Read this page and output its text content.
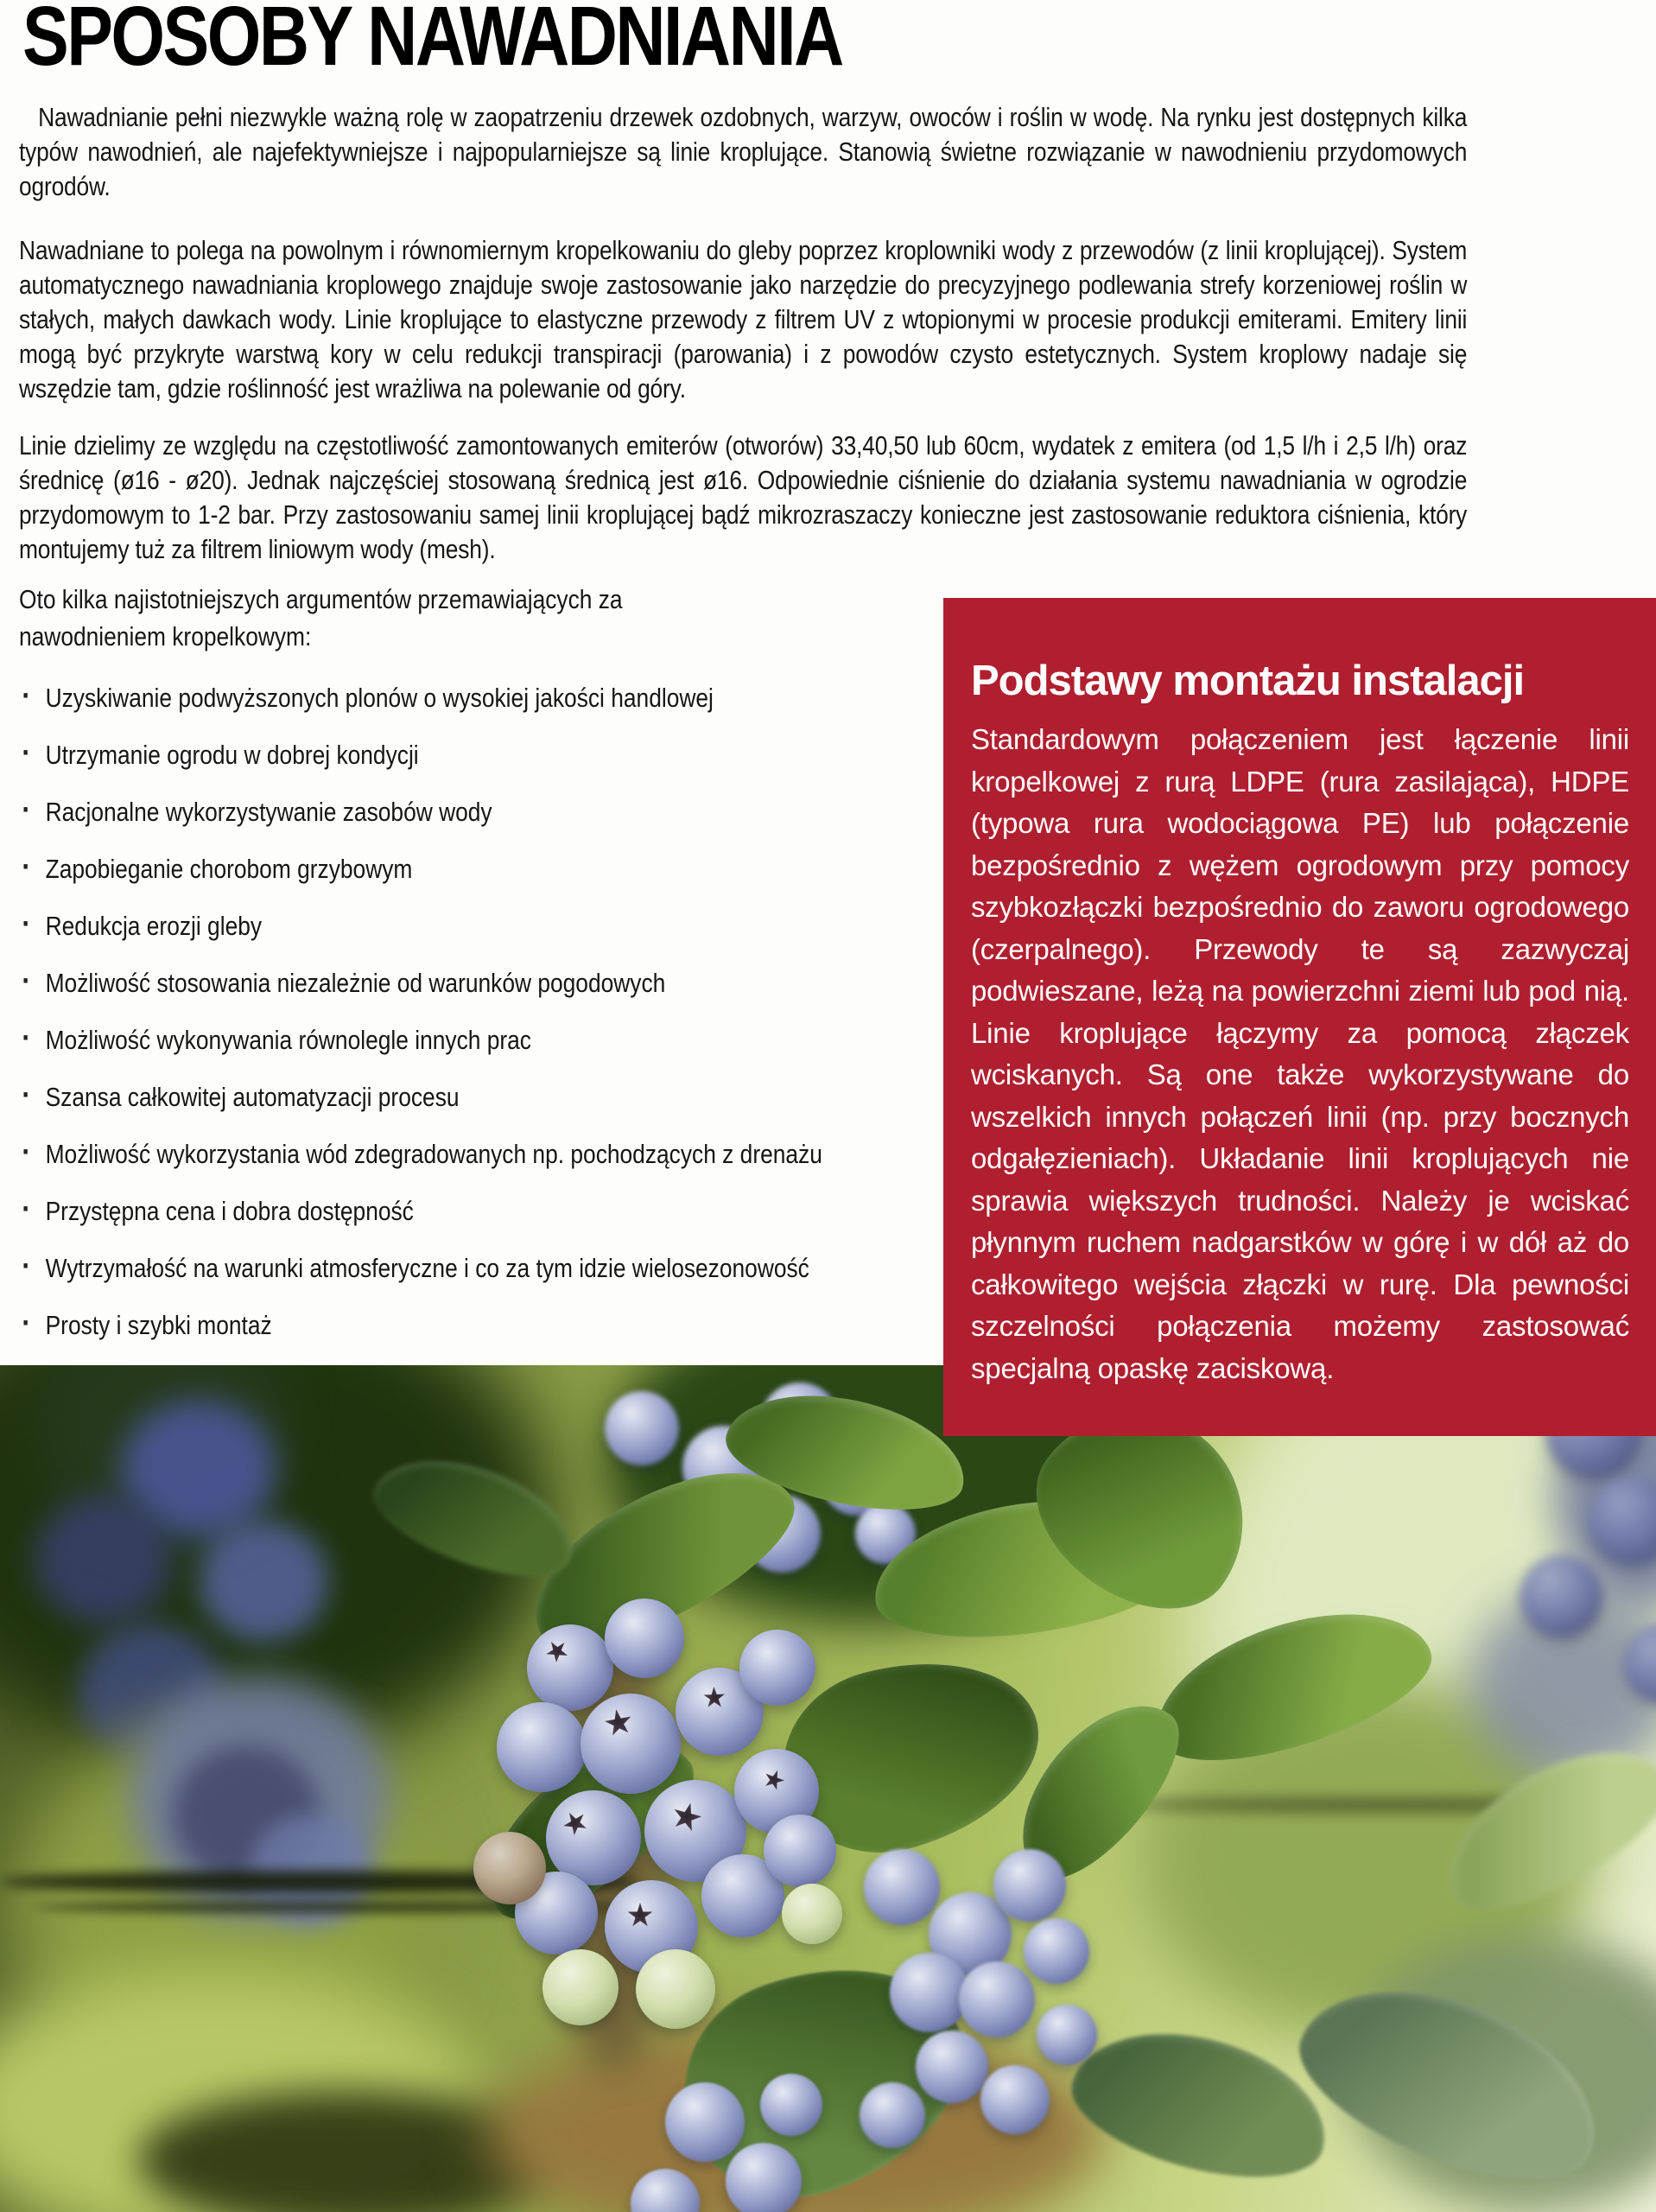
SPOSOBY NAWADNIANIA

Nawadnianie pełni niezwykle ważną rolę w zaopatrzeniu drzewek ozdobnych, warzyw, owoców i roślin w wodę. Na rynku jest dostępnych kilka typów nawodnień, ale najefektywniejsze i najpopularniejsze są linie kroplujące. Stanowią świetne rozwiązanie w nawodnieniu przydomowych ogrodów.

Nawadniane to polega na powolnym i równomiernym kropelkowaniu do gleby poprzez kroplowniki wody z przewodów (z linii kroplującej). System automatycznego nawadniania kroplowego znajduje swoje zastosowanie jako narzędzie do precyzyjnego podlewania strefy korzeniowej roślin w stałych, małych dawkach wody. Linie kroplujące to elastyczne przewody z filtrem UV z wtopionymi w procesie produkcji emiterami. Emitery linii mogą być przykryte warstwą kory w celu redukcji transpiracji (parowania) i z powodów czysto estetycznych. System kroplowy nadaje się wszędzie tam, gdzie roślinność jest wrażliwa na polewanie od góry.

Linie dzielimy ze względu na częstotliwość zamontowanych emiterów (otworów) 33,40,50 lub 60cm, wydatek z emitera (od 1,5 l/h i 2,5 l/h) oraz średnicę (ø16 - ø20). Jednak najczęściej stosowaną średnicą jest ø16. Odpowiednie ciśnienie do działania systemu nawadniania w ogrodzie przydomowym to 1-2 bar. Przy zastosowaniu samej linii kroplującej bądź mikrozraszaczy konieczne jest zastosowanie reduktora ciśnienia, który montujemy tuż za filtrem liniowym wody (mesh).

Oto kilka najistotniejszych argumentów przemawiających za nawodnieniem kropelkowym:

· Uzyskiwanie podwyższonych plonów o wysokiej jakości handlowej
· Utrzymanie ogrodu w dobrej kondycji
· Racjonalne wykorzystywanie zasobów wody
· Zapobieganie chorobom grzybowym
· Redukcja erozji gleby
· Możliwość stosowania niezależnie od warunków pogodowych
· Możliwość wykonywania równolegle innych prac
· Szansa całkowitej automatyzacji procesu
· Możliwość wykorzystania wód zdegradowanych np. pochodzących z drenażu
· Przystępna cena i dobra dostępność
· Wytrzymałość na warunki atmosferyczne i co za tym idzie wielosezonowość
· Prosty i szybki montaż
Podstawy montażu instalacji

Standardowym połączeniem jest łączenie linii kropelkowej z rurą LDPE (rura zasilająca), HDPE (typowa rura wodociągowa PE) lub połączenie bezpośrednio z wężem ogrodowym przy pomocy szybkozłączki bezpośrednio do zaworu ogrodowego (czerpalnego). Przewody te są zazwyczaj podwieszane, leżą na powierzchni ziemi lub pod nią. Linie kroplujące łączymy za pomocą złączek wciskanych. Są one także wykorzystywane do wszelkich innych połączeń linii (np. przy bocznych odgałęzieniach). Układanie linii kroplujących nie sprawia większych trudności. Należy je wciskać płynnym ruchem nadgarstków w górę i w dół aż do całkowitego wejścia złączki w rurę. Dla pewności szczelności połączenia możemy zastosować specjalną opaskę zaciskową.
